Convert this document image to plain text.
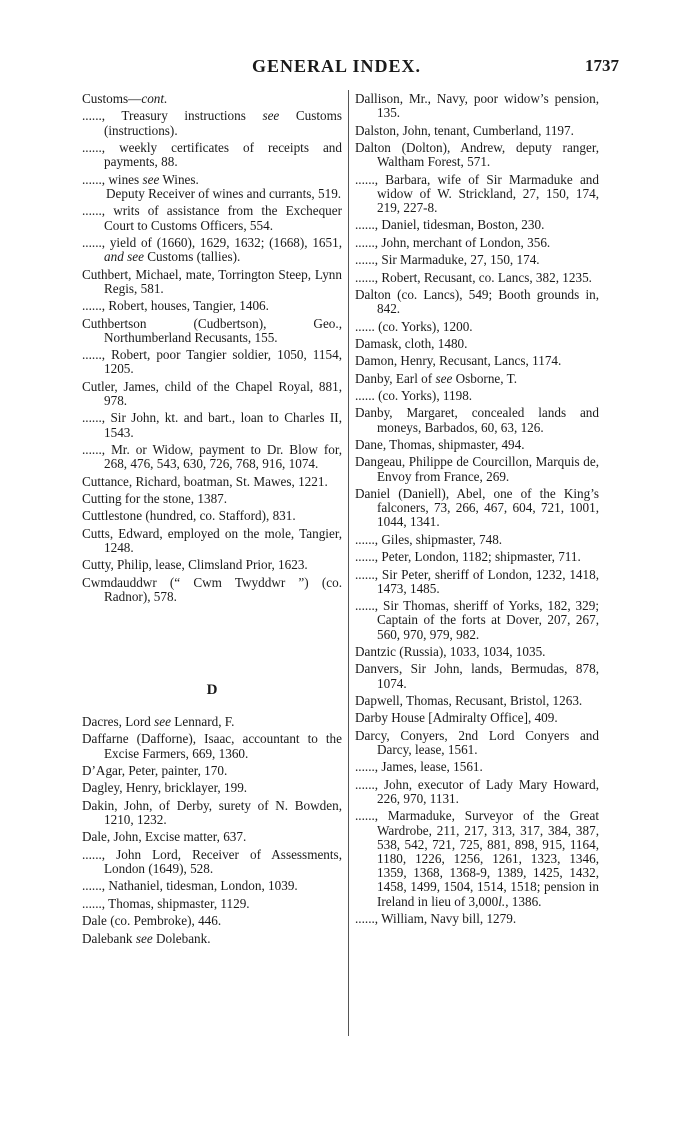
GENERAL INDEX.	1737
Customs—cont.
......, Treasury instructions see Customs (instructions).
......, weekly certificates of receipts and payments, 88.
......, wines see Wines.
Deputy Receiver of wines and currants, 519.
......, writs of assistance from the Exchequer Court to Customs Officers, 554.
......, yield of (1660), 1629, 1632; (1668), 1651, and see Customs (tallies).
Cuthbert, Michael, mate, Torrington Steep, Lynn Regis, 581.
......, Robert, houses, Tangier, 1406.
Cuthbertson (Cudbertson), Geo., Northumberland Recusants, 155.
......, Robert, poor Tangier soldier, 1050, 1154, 1205.
Cutler, James, child of the Chapel Royal, 881, 978.
......, Sir John, kt. and bart., loan to Charles II, 1543.
......, Mr. or Widow, payment to Dr. Blow for, 268, 476, 543, 630, 726, 768, 916, 1074.
Cuttance, Richard, boatman, St. Mawes, 1221.
Cutting for the stone, 1387.
Cuttlestone (hundred, co. Stafford), 831.
Cutts, Edward, employed on the mole, Tangier, 1248.
Cutty, Philip, lease, Climsland Prior, 1623.
Cwmdauddwr (“ Cwm Twyddwr ”) (co. Radnor), 578.
D
Dacres, Lord see Lennard, F.
Daffarne (Dafforne), Isaac, accountant to the Excise Farmers, 669, 1360.
D’Agar, Peter, painter, 170.
Dagley, Henry, bricklayer, 199.
Dakin, John, of Derby, surety of N. Bowden, 1210, 1232.
Dale, John, Excise matter, 637.
......, John Lord, Receiver of Assessments, London (1649), 528.
......, Nathaniel, tidesman, London, 1039.
......, Thomas, shipmaster, 1129.
Dale (co. Pembroke), 446.
Dalebank see Dolebank.
Dallison, Mr., Navy, poor widow’s pension, 135.
Dalston, John, tenant, Cumberland, 1197.
Dalton (Dolton), Andrew, deputy ranger, Waltham Forest, 571.
......, Barbara, wife of Sir Marmaduke and widow of W. Strickland, 27, 150, 174, 219, 227-8.
......, Daniel, tidesman, Boston, 230.
......, John, merchant of London, 356.
......, Sir Marmaduke, 27, 150, 174.
......, Robert, Recusant, co. Lancs, 382, 1235.
Dalton (co. Lancs), 549; Booth grounds in, 842.
...... (co. Yorks), 1200.
Damask, cloth, 1480.
Damon, Henry, Recusant, Lancs, 1174.
Danby, Earl of see Osborne, T.
...... (co. Yorks), 1198.
Danby, Margaret, concealed lands and moneys, Barbados, 60, 63, 126.
Dane, Thomas, shipmaster, 494.
Dangeau, Philippe de Courcillon, Marquis de, Envoy from France, 269.
Daniel (Daniell), Abel, one of the King’s falconers, 73, 266, 467, 604, 721, 1001, 1044, 1341.
......, Giles, shipmaster, 748.
......, Peter, London, 1182; shipmaster, 711.
......, Sir Peter, sheriff of London, 1232, 1418, 1473, 1485.
......, Sir Thomas, sheriff of Yorks, 182, 329; Captain of the forts at Dover, 207, 267, 560, 970, 979, 982.
Dantzic (Russia), 1033, 1034, 1035.
Danvers, Sir John, lands, Bermudas, 878, 1074.
Dapwell, Thomas, Recusant, Bristol, 1263.
Darby House [Admiralty Office], 409.
Darcy, Conyers, 2nd Lord Conyers and Darcy, lease, 1561.
......, James, lease, 1561.
......, John, executor of Lady Mary Howard, 226, 970, 1131.
......, Marmaduke, Surveyor of the Great Wardrobe, 211, 217, 313, 317, 384, 387, 538, 542, 721, 725, 881, 898, 915, 1164, 1180, 1226, 1256, 1261, 1323, 1346, 1359, 1368, 1368-9, 1389, 1425, 1432, 1458, 1499, 1504, 1514, 1518; pension in Ireland in lieu of 3,000l., 1386.
......, William, Navy bill, 1279.
